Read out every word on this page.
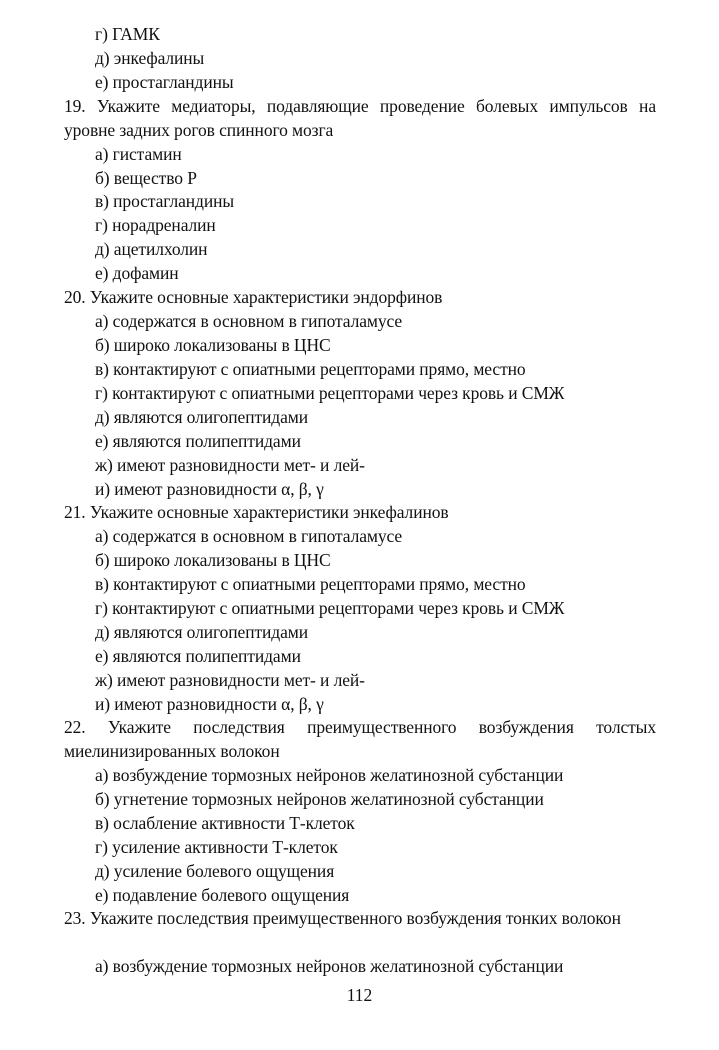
г) ГАМК
д) энкефалины
е) простагландины
19. Укажите медиаторы, подавляющие проведение болевых импульсов на уровне задних рогов спинного мозга
а) гистамин
б) вещество Р
в) простагландины
г) норадреналин
д) ацетилхолин
е) дофамин
20. Укажите основные характеристики эндорфинов
а) содержатся в основном в гипоталамусе
б) широко локализованы в ЦНС
в) контактируют с опиатными рецепторами прямо, местно
г) контактируют с опиатными рецепторами через кровь и СМЖ
д) являются олигопептидами
е) являются полипептидами
ж) имеют разновидности мет- и лей-
и) имеют разновидности α, β, γ
21. Укажите основные характеристики энкефалинов
а) содержатся в основном в гипоталамусе
б) широко локализованы в ЦНС
в) контактируют с опиатными рецепторами прямо, местно
г) контактируют с опиатными рецепторами через кровь и СМЖ
д) являются олигопептидами
е) являются полипептидами
ж) имеют разновидности мет- и лей-
и) имеют разновидности α, β, γ
22. Укажите последствия преимущественного возбуждения толстых миелинизированных волокон
а) возбуждение тормозных нейронов желатинозной субстанции
б) угнетение тормозных нейронов желатинозной субстанции
в) ослабление активности Т-клеток
г) усиление активности Т-клеток
д) усиление болевого ощущения
е) подавление болевого ощущения
23. Укажите последствия преимущественного возбуждения тонких волокон
а) возбуждение тормозных нейронов желатинозной субстанции
112
